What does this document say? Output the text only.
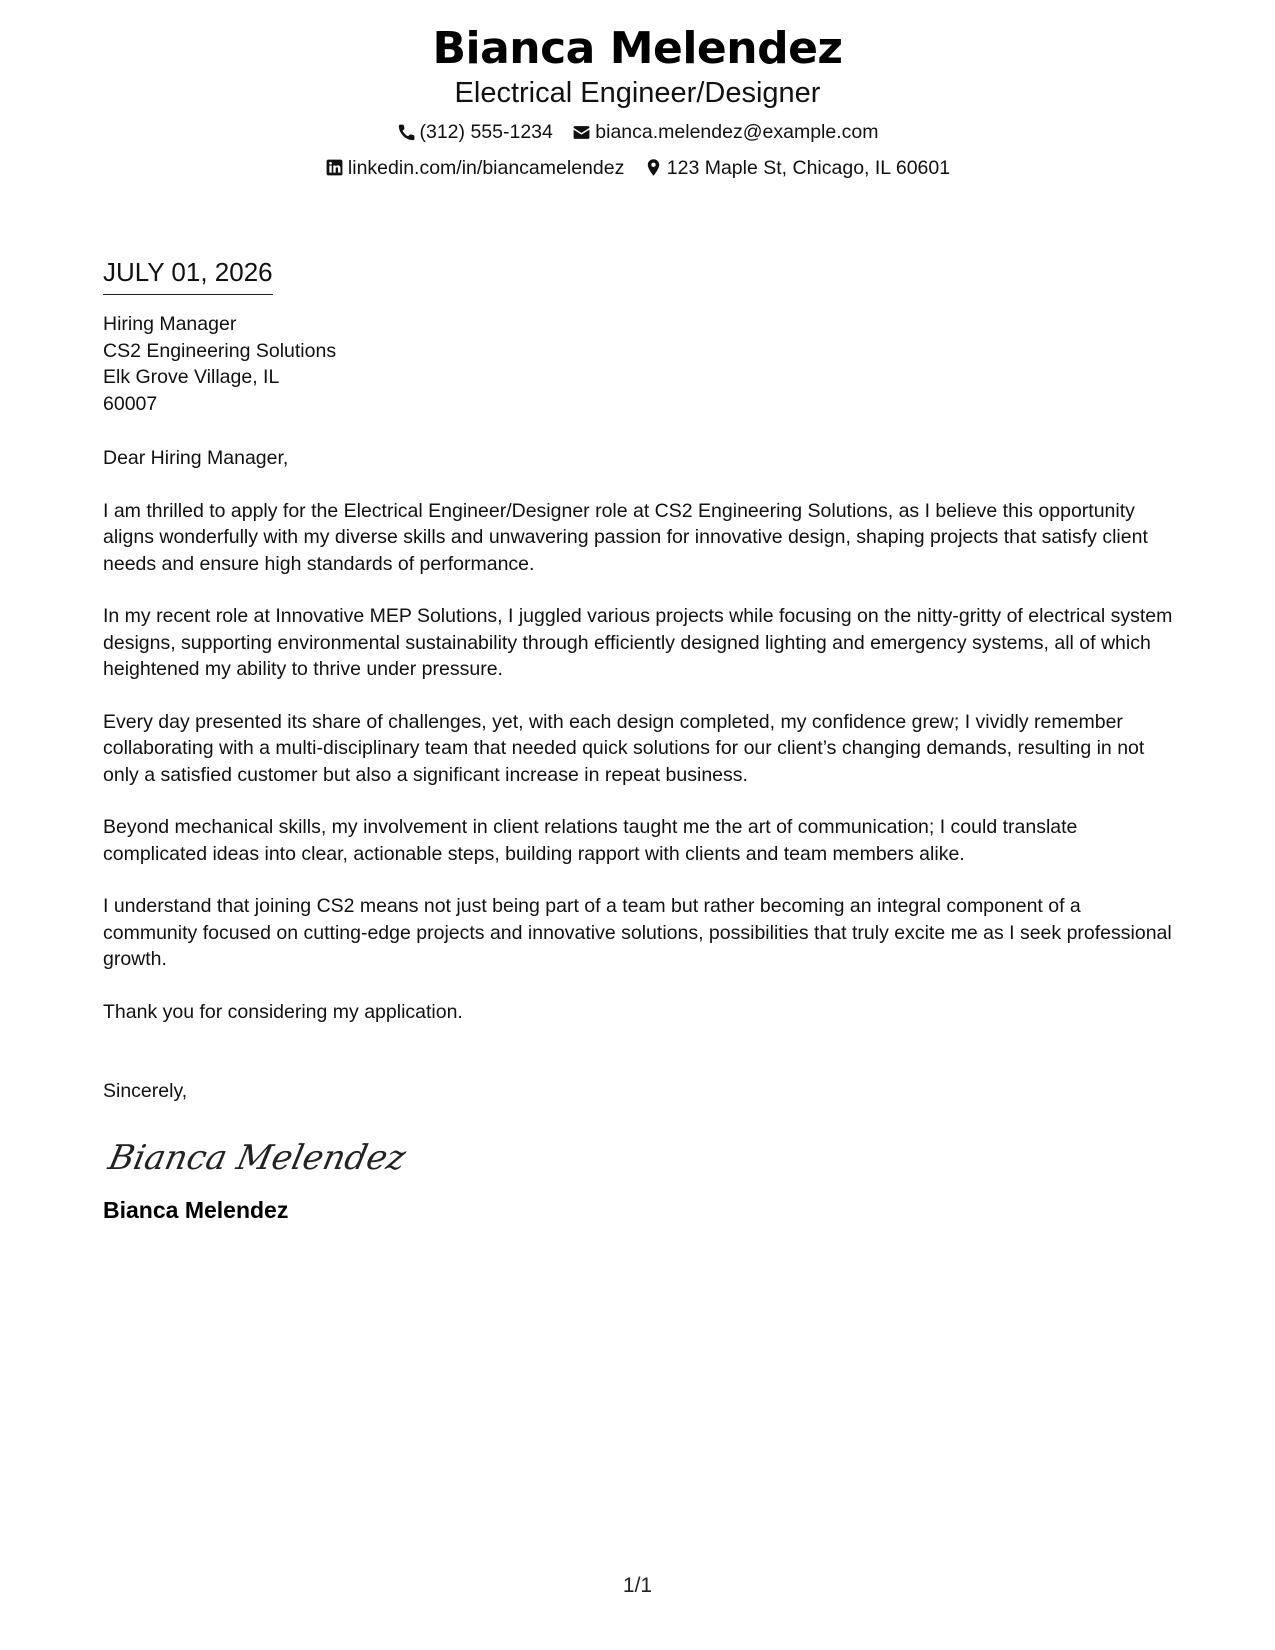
Bianca Melendez
Electrical Engineer/Designer
(312) 555-1234
bianca.melendez@example.com
linkedin.com/in/biancamelendez
123 Maple St, Chicago, IL 60601
JULY 01, 2026
Hiring Manager
CS2 Engineering Solutions
Elk Grove Village, IL
60007
Dear Hiring Manager,
I am thrilled to apply for the Electrical Engineer/Designer role at CS2 Engineering Solutions, as I believe this opportunity aligns wonderfully with my diverse skills and unwavering passion for innovative design, shaping projects that satisfy client needs and ensure high standards of performance.
In my recent role at Innovative MEP Solutions, I juggled various projects while focusing on the nitty-gritty of electrical system designs, supporting environmental sustainability through efficiently designed lighting and emergency systems, all of which heightened my ability to thrive under pressure.
Every day presented its share of challenges, yet, with each design completed, my confidence grew; I vividly remember collaborating with a multi-disciplinary team that needed quick solutions for our client’s changing demands, resulting in not only a satisfied customer but also a significant increase in repeat business.
Beyond mechanical skills, my involvement in client relations taught me the art of communication; I could translate complicated ideas into clear, actionable steps, building rapport with clients and team members alike.
I understand that joining CS2 means not just being part of a team but rather becoming an integral component of a community focused on cutting-edge projects and innovative solutions, possibilities that truly excite me as I seek professional growth.
Thank you for considering my application.
Sincerely,
Bianca Melendez
Bianca Melendez
1/1
